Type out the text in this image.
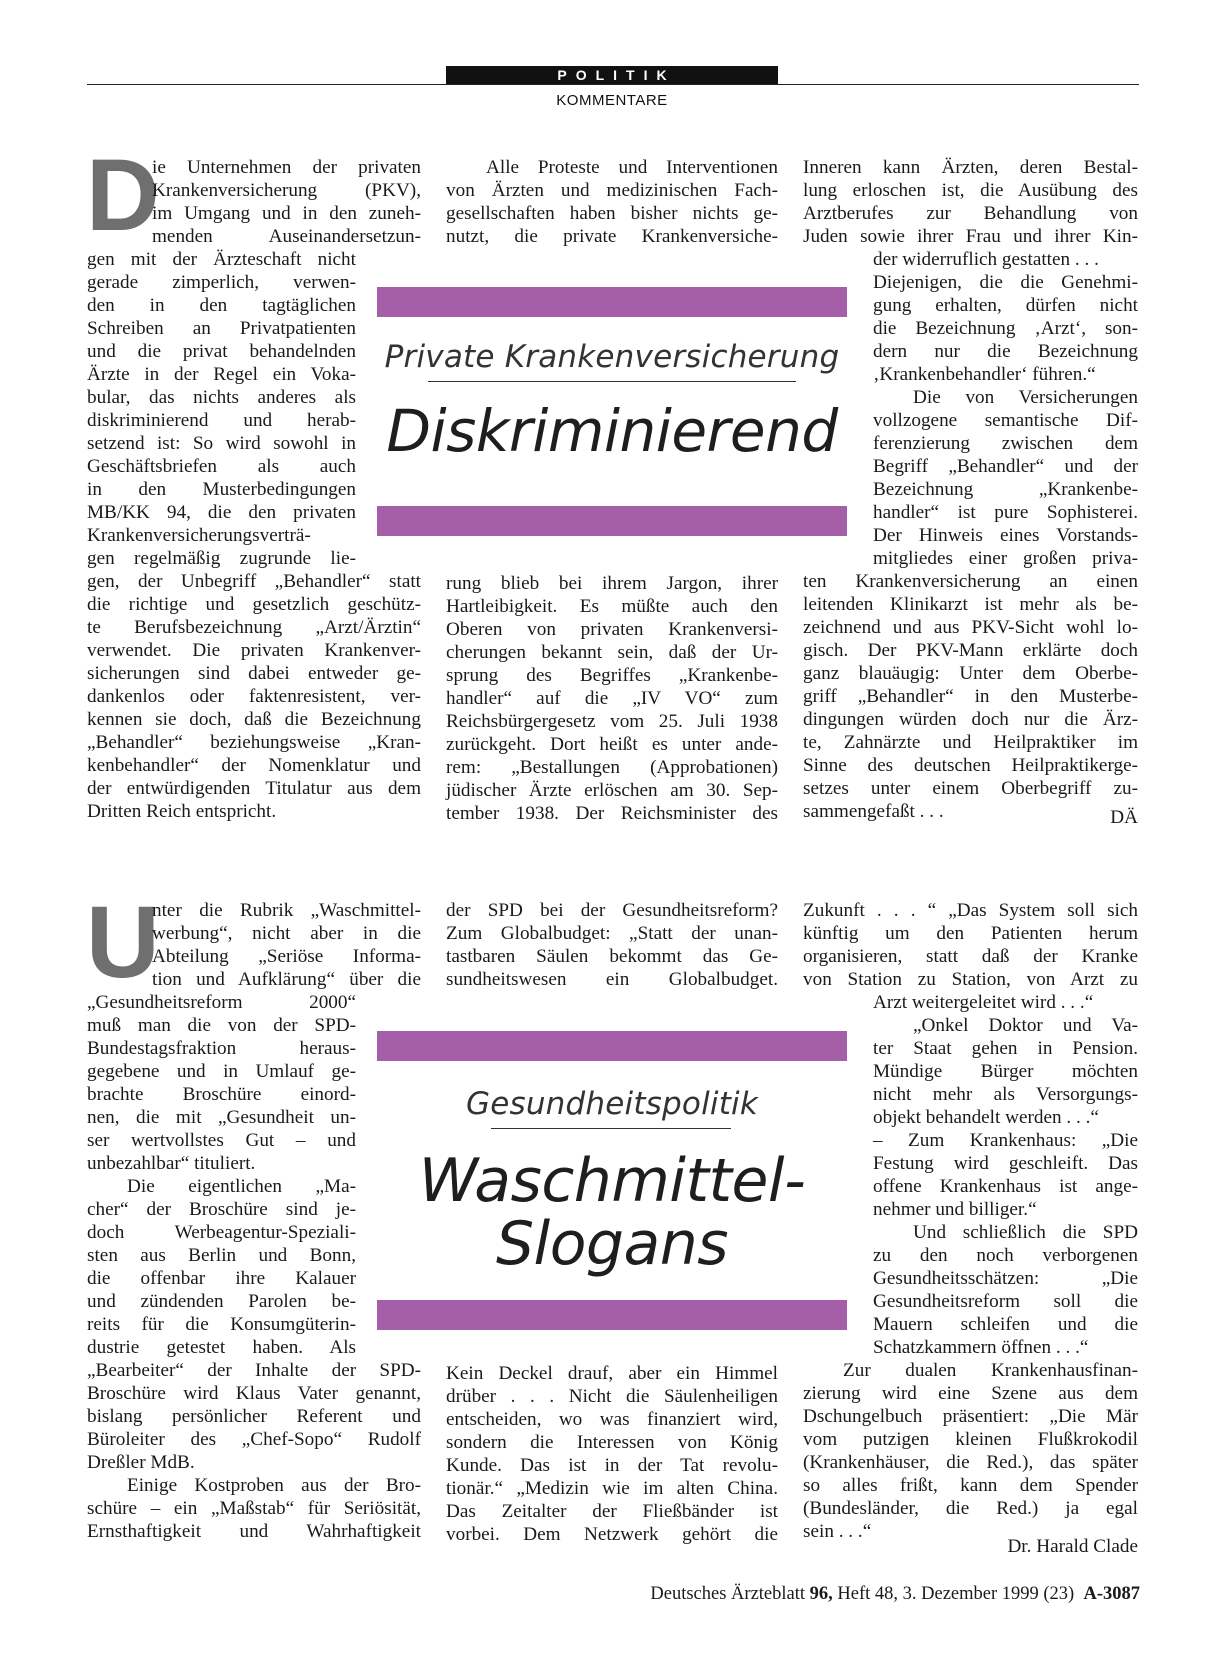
POLITIK
KOMMENTARE
D
ie Unternehmen der privaten
Krankenversicherung (PKV),
im Umgang und in den zuneh-
menden Auseinandersetzun-
gen mit der Ärzteschaft nicht
gerade zimperlich, verwen-
den in den tagtäglichen
Schreiben an Privatpatienten
und die privat behandelnden
Ärzte in der Regel ein Voka-
bular, das nichts anderes als
diskriminierend und herab-
setzend ist: So wird sowohl in
Geschäftsbriefen als auch
in den Musterbedingungen
MB/KK 94, die den privaten
Krankenversicherungsverträ-
gen regelmäßig zugrunde lie-
gen, der Unbegriff „Behandler“ statt
die richtige und gesetzlich geschütz-
te Berufsbezeichnung „Arzt/Ärztin“
verwendet. Die privaten Krankenver-
sicherungen sind dabei entweder ge-
dankenlos oder faktenresistent, ver-
kennen sie doch, daß die Bezeichnung
„Behandler“ beziehungsweise „Kran-
kenbehandler“ der Nomenklatur und
der entwürdigenden Titulatur aus dem
Dritten Reich entspricht.
Alle Proteste und Interventionen
von Ärzten und medizinischen Fach-
gesellschaften haben bisher nichts ge-
nutzt, die private Krankenversiche-
rung blieb bei ihrem Jargon, ihrer
Hartleibigkeit. Es müßte auch den
Oberen von privaten Krankenversi-
cherungen bekannt sein, daß der Ur-
sprung des Begriffes „Krankenbe-
handler“ auf die „IV VO“ zum
Reichsbürgergesetz vom 25. Juli 1938
zurückgeht. Dort heißt es unter ande-
rem: „Bestallungen (Approbationen)
jüdischer Ärzte erlöschen am 30. Sep-
tember 1938. Der Reichsminister des
Inneren kann Ärzten, deren Bestal-
lung erloschen ist, die Ausübung des
Arztberufes zur Behandlung von
Juden sowie ihrer Frau und ihrer Kin-
der widerruflich gestatten . . .
Diejenigen, die die Genehmi-
gung erhalten, dürfen nicht
die Bezeichnung ‚Arzt‘, son-
dern nur die Bezeichnung
‚Krankenbehandler‘ führen.“
Die von Versicherungen
vollzogene semantische Dif-
ferenzierung zwischen dem
Begriff „Behandler“ und der
Bezeichnung „Krankenbe-
handler“ ist pure Sophisterei.
Der Hinweis eines Vorstands-
mitgliedes einer großen priva-
ten Krankenversicherung an einen
leitenden Klinikarzt ist mehr als be-
zeichnend und aus PKV-Sicht wohl lo-
gisch. Der PKV-Mann erklärte doch
ganz blauäugig: Unter dem Oberbe-
griff „Behandler“ in den Musterbe-
dingungen würden doch nur die Ärz-
te, Zahnärzte und Heilpraktiker im
Sinne des deutschen Heilpraktikerge-
setzes unter einem Oberbegriff zu-
sammengefaßt . . .	DÄ
Private Krankenversicherung
Diskriminierend
U
nter die Rubrik „Waschmittel-
werbung“, nicht aber in die
Abteilung „Seriöse Informa-
tion und Aufklärung“ über die
„Gesundheitsreform 2000“
muß man die von der SPD-
Bundestagsfraktion heraus-
gegebene und in Umlauf ge-
brachte Broschüre einord-
nen, die mit „Gesundheit un-
ser wertvollstes Gut – und
unbezahlbar“ tituliert.
Die eigentlichen „Ma-
cher“ der Broschüre sind je-
doch Werbeagentur-Speziali-
sten aus Berlin und Bonn,
die offenbar ihre Kalauer
und zündenden Parolen be-
reits für die Konsumgüterin-
dustrie getestet haben. Als
„Bearbeiter“ der Inhalte der SPD-
Broschüre wird Klaus Vater genannt,
bislang persönlicher Referent und
Büroleiter des „Chef-Sopo“ Rudolf
Dreßler MdB.
Einige Kostproben aus der Bro-
schüre – ein „Maßstab“ für Seriösität,
Ernsthaftigkeit und Wahrhaftigkeit
der SPD bei der Gesundheitsreform?
Zum Globalbudget: „Statt der unan-
tastbaren Säulen bekommt das Ge-
sundheitswesen ein Globalbudget.
Kein Deckel drauf, aber ein Himmel
drüber . . . Nicht die Säulenheiligen
entscheiden, wo was finanziert wird,
sondern die Interessen von König
Kunde. Das ist in der Tat revolu-
tionär.“ „Medizin wie im alten China.
Das Zeitalter der Fließbänder ist
vorbei. Dem Netzwerk gehört die
Zukunft . . . “ „Das System soll sich
künftig um den Patienten herum
organisieren, statt daß der Kranke
von Station zu Station, von Arzt zu
Arzt weitergeleitet wird . . .“
„Onkel Doktor und Va-
ter Staat gehen in Pension.
Mündige Bürger möchten
nicht mehr als Versorgungs-
objekt behandelt werden . . .“
– Zum Krankenhaus: „Die
Festung wird geschleift. Das
offene Krankenhaus ist ange-
nehmer und billiger.“
Und schließlich die SPD
zu den noch verborgenen
Gesundheitsschätzen: „Die
Gesundheitsreform soll die
Mauern schleifen und die
Schatzkammern öffnen . . .“
Zur dualen Krankenhausfinan-
zierung wird eine Szene aus dem
Dschungelbuch präsentiert: „Die Mär
vom putzigen kleinen Flußkrokodil
(Krankenhäuser, die Red.), das später
so alles frißt, kann dem Spender
(Bundesländer, die Red.) ja egal
sein . . .“
Dr. Harald Clade
Gesundheitspolitik
Waschmittel-
Slogans
Deutsches Ärzteblatt 96, Heft 48, 3. Dezember 1999 (23) A-3087
